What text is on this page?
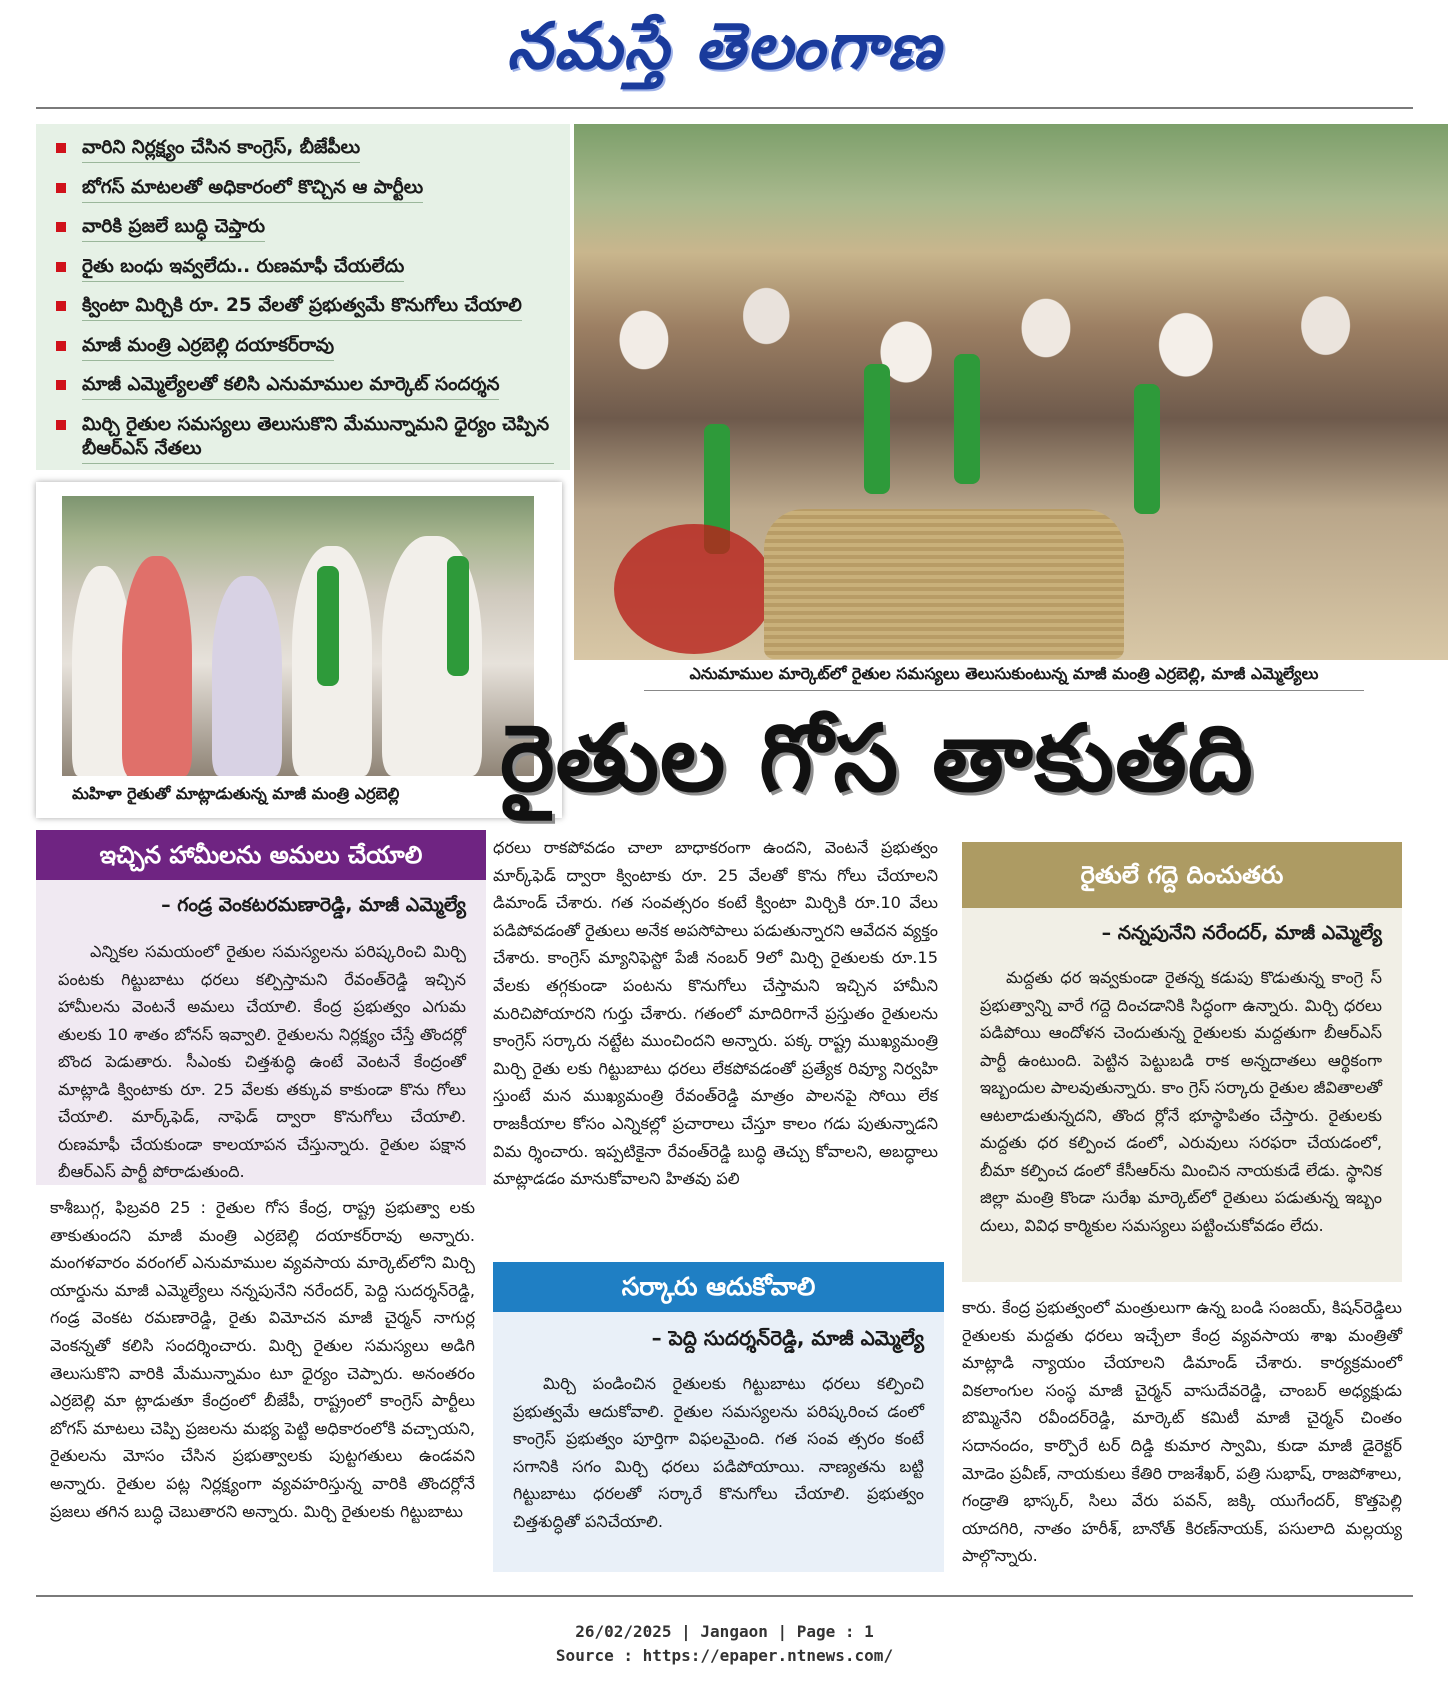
నమస్తే తెలంగాణ
వారిని నిర్లక్ష్యం చేసిన కాంగ్రెస్, బీజేపీలు
బోగస్ మాటలతో అధికారంలో కొచ్చిన ఆ పార్టీలు
వారికి ప్రజలే బుద్ధి చెప్తారు
రైతు బంధు ఇవ్వలేదు.. రుణమాఫీ చేయలేదు
క్వింటా మిర్చికి రూ. 25 వేలతో ప్రభుత్వమే కొనుగోలు చేయాలి
మాజీ మంత్రి ఎర్రబెల్లి దయాకర్‌రావు
మాజీ ఎమ్మెల్యేలతో కలిసి ఎనుమాముల మార్కెట్ సందర్శన
మిర్చి రైతుల సమస్యలు తెలుసుకొని మేమున్నామని ధైర్యం చెప్పిన బీఆర్‌ఎస్ నేతలు
ఎనుమాముల మార్కెట్‌లో రైతుల సమస్యలు తెలుసుకుంటున్న మాజీ మంత్రి ఎర్రబెల్లి, మాజీ ఎమ్మెల్యేలు
మహిళా రైతుతో మాట్లాడుతున్న మాజీ మంత్రి ఎర్రబెల్లి	రైతుల గోస తాకుతది
ఇచ్చిన హామీలను అమలు చేయాలి
– గండ్ర వెంకటరమణారెడ్డి, మాజీ ఎమ్మెల్యే
ఎన్నికల సమయంలో రైతుల సమస్యలను పరిష్కరించి మిర్చి పంటకు గిట్టుబాటు ధరలు కల్పిస్తామని రేవంత్‌రెడ్డి ఇచ్చిన హామీలను వెంటనే అమలు చేయాలి. కేంద్ర ప్రభుత్వం ఎగుమ తులకు 10 శాతం బోనస్ ఇవ్వాలి. రైతులను నిర్లక్ష్యం చేస్తే తొందర్లో బొంద పెడుతారు. సీఎంకు చిత్తశుద్ధి ఉంటే వెంటనే కేంద్రంతో మాట్లాడి క్వింటాకు రూ. 25 వేలకు తక్కువ కాకుండా కొను గోలు చేయాలి. మార్క్‌ఫెడ్, నాఫెడ్ ద్వారా కొనుగోలు చేయాలి. రుణమాఫీ చేయకుండా కాలయాపన చేస్తున్నారు. రైతుల పక్షాన బీఆర్‌ఎస్ పార్టీ పోరాడుతుంది.
కాశీబుగ్గ, ఫిబ్రవరి 25 : రైతుల గోస కేంద్ర, రాష్ట్ర ప్రభుత్వా లకు తాకుతుందని మాజీ మంత్రి ఎర్రబెల్లి దయాకర్‌రావు అన్నారు. మంగళవారం వరంగల్ ఎనుమాముల వ్యవసాయ మార్కెట్‌లోని మిర్చి యార్డును మాజీ ఎమ్మెల్యేలు నన్నపునేని నరేందర్, పెద్ది సుదర్శన్‌రెడ్డి, గండ్ర వెంకట రమణారెడ్డి, రైతు విమోచన మాజీ చైర్మన్ నాగుర్ల వెంకన్నతో కలిసి సందర్శించారు. మిర్చి రైతుల సమస్యలు అడిగి తెలుసుకొని వారికి మేమున్నామం టూ ధైర్యం చెప్పారు. అనంతరం ఎర్రబెల్లి మా ట్లాడుతూ కేంద్రంలో బీజేపీ, రాష్ట్రంలో కాంగ్రెస్ పార్టీలు బోగస్ మాటలు చెప్పి ప్రజలను మభ్య పెట్టి అధికారంలోకి వచ్చాయని, రైతులను మోసం చేసిన ప్రభుత్వాలకు పుట్టగతులు ఉండవని అన్నారు. రైతుల పట్ల నిర్లక్ష్యంగా వ్యవహరిస్తున్న వారికి తొందర్లోనే ప్రజలు తగిన బుద్ధి చెబుతారని అన్నారు. మిర్చి రైతులకు గిట్టుబాటు
ధరలు రాకపోవడం చాలా బాధాకరంగా ఉందని, వెంటనే ప్రభుత్వం మార్క్‌ఫెడ్ ద్వారా క్వింటాకు రూ. 25 వేలతో కొను గోలు చేయాలని డిమాండ్ చేశారు. గత సంవత్సరం కంటే క్వింటా మిర్చికి రూ.10 వేలు పడిపోవడంతో రైతులు అనేక అపసోపాలు పడుతున్నారని ఆవేదన వ్యక్తం చేశారు. కాంగ్రెస్ మ్యానిఫెస్టో పేజీ నంబర్ 9లో మిర్చి రైతులకు రూ.15 వేలకు తగ్గకుండా పంటను కొనుగోలు చేస్తామని ఇచ్చిన హామీని మరిచిపోయారని గుర్తు చేశారు. గతంలో మాదిరిగానే ప్రస్తుతం రైతులను కాంగ్రెస్ సర్కారు నట్టేట ముంచిందని అన్నారు. పక్క రాష్ట్ర ముఖ్యమంత్రి మిర్చి రైతు లకు గిట్టుబాటు ధరలు లేకపోవడంతో ప్రత్యేక రివ్యూ నిర్వహి స్తుంటే మన ముఖ్యమంత్రి రేవంత్‌రెడ్డి మాత్రం పాలనపై సోయి లేక రాజకీయాల కోసం ఎన్నికల్లో ప్రచారాలు చేస్తూ కాలం గడు పుతున్నాడని విమ ర్శించారు. ఇప్పటికైనా రేవంత్‌రెడ్డి బుద్ధి తెచ్చు కోవాలని, అబద్ధాలు మాట్లాడడం మానుకోవాలని హితవు పలి
సర్కారు ఆదుకోవాలి
– పెద్ది సుదర్శన్‌రెడ్డి, మాజీ ఎమ్మెల్యే
మిర్చి పండించిన రైతులకు గిట్టుబాటు ధరలు కల్పించి ప్రభుత్వమే ఆదుకోవాలి. రైతుల సమస్యలను పరిష్కరించ డంలో కాంగ్రెస్ ప్రభుత్వం పూర్తిగా విఫలమైంది. గత సంవ త్సరం కంటే సగానికి సగం మిర్చి ధరలు పడిపోయాయి. నాణ్యతను బట్టి గిట్టుబాటు ధరలతో సర్కారే కొనుగోలు చేయాలి. ప్రభుత్వం చిత్తశుద్ధితో పనిచేయాలి.
రైతులే గద్దె దించుతరు
– నన్నపునేని నరేందర్, మాజీ ఎమ్మెల్యే
మద్దతు ధర ఇవ్వకుండా రైతన్న కడుపు కొడుతున్న కాంగ్రె స్ ప్రభుత్వాన్ని వారే గద్దె దించడానికి సిద్ధంగా ఉన్నారు. మిర్చి ధరలు పడిపోయి ఆందోళన చెందుతున్న రైతులకు మద్దతుగా బీఆర్‌ఎస్ పార్టీ ఉంటుంది. పెట్టిన పెట్టుబడి రాక అన్నదాతలు ఆర్థికంగా ఇబ్బందుల పాలవుతున్నారు. కాం గ్రెస్ సర్కారు రైతుల జీవితాలతో ఆటలాడుతున్నదని, తొంద ర్లోనే భూస్థాపితం చేస్తారు. రైతులకు మద్దతు ధర కల్పించ డంలో, ఎరువులు సరఫరా చేయడంలో, బీమా కల్పించ డంలో కేసీఆర్‌ను మించిన నాయకుడే లేడు. స్థానిక జిల్లా మంత్రి కొండా సురేఖ మార్కెట్‌లో రైతులు పడుతున్న ఇబ్బం దులు, వివిధ కార్మికుల సమస్యలు పట్టించుకోవడం లేదు.
కారు. కేంద్ర ప్రభుత్వంలో మంత్రులుగా ఉన్న బండి సంజయ్, కిషన్‌రెడ్డిలు రైతులకు మద్దతు ధరలు ఇచ్చేలా కేంద్ర వ్యవసాయ శాఖ మంత్రితో మాట్లాడి న్యాయం చేయాలని డిమాండ్ చేశారు. కార్యక్రమంలో వికలాంగుల సంస్థ మాజీ చైర్మన్ వాసుదేవరెడ్డి, చాంబర్ అధ్యక్షుడు బొమ్మినేని రవీందర్‌రెడ్డి, మార్కెట్ కమిటీ మాజీ చైర్మన్ చింతం సదానందం, కార్పొరే టర్ దిడ్డి కుమార స్వామి, కుడా మాజీ డైరెక్టర్ మోడెం ప్రవీణ్, నాయకులు కేతిరి రాజశేఖర్, పత్రి సుభాష్, రాజపోశాలు, గండ్రాతి భాస్కర్, సిలు వేరు పవన్, జక్కి యుగేందర్, కొత్తపెల్లి యాదగిరి, నాతం హరీశ్, బానోత్ కిరణ్‌నాయక్, పసులాది మల్లయ్య పాల్గొన్నారు.
26/02/2025 | Jangaon | Page : 1
Source : https://epaper.ntnews.com/
